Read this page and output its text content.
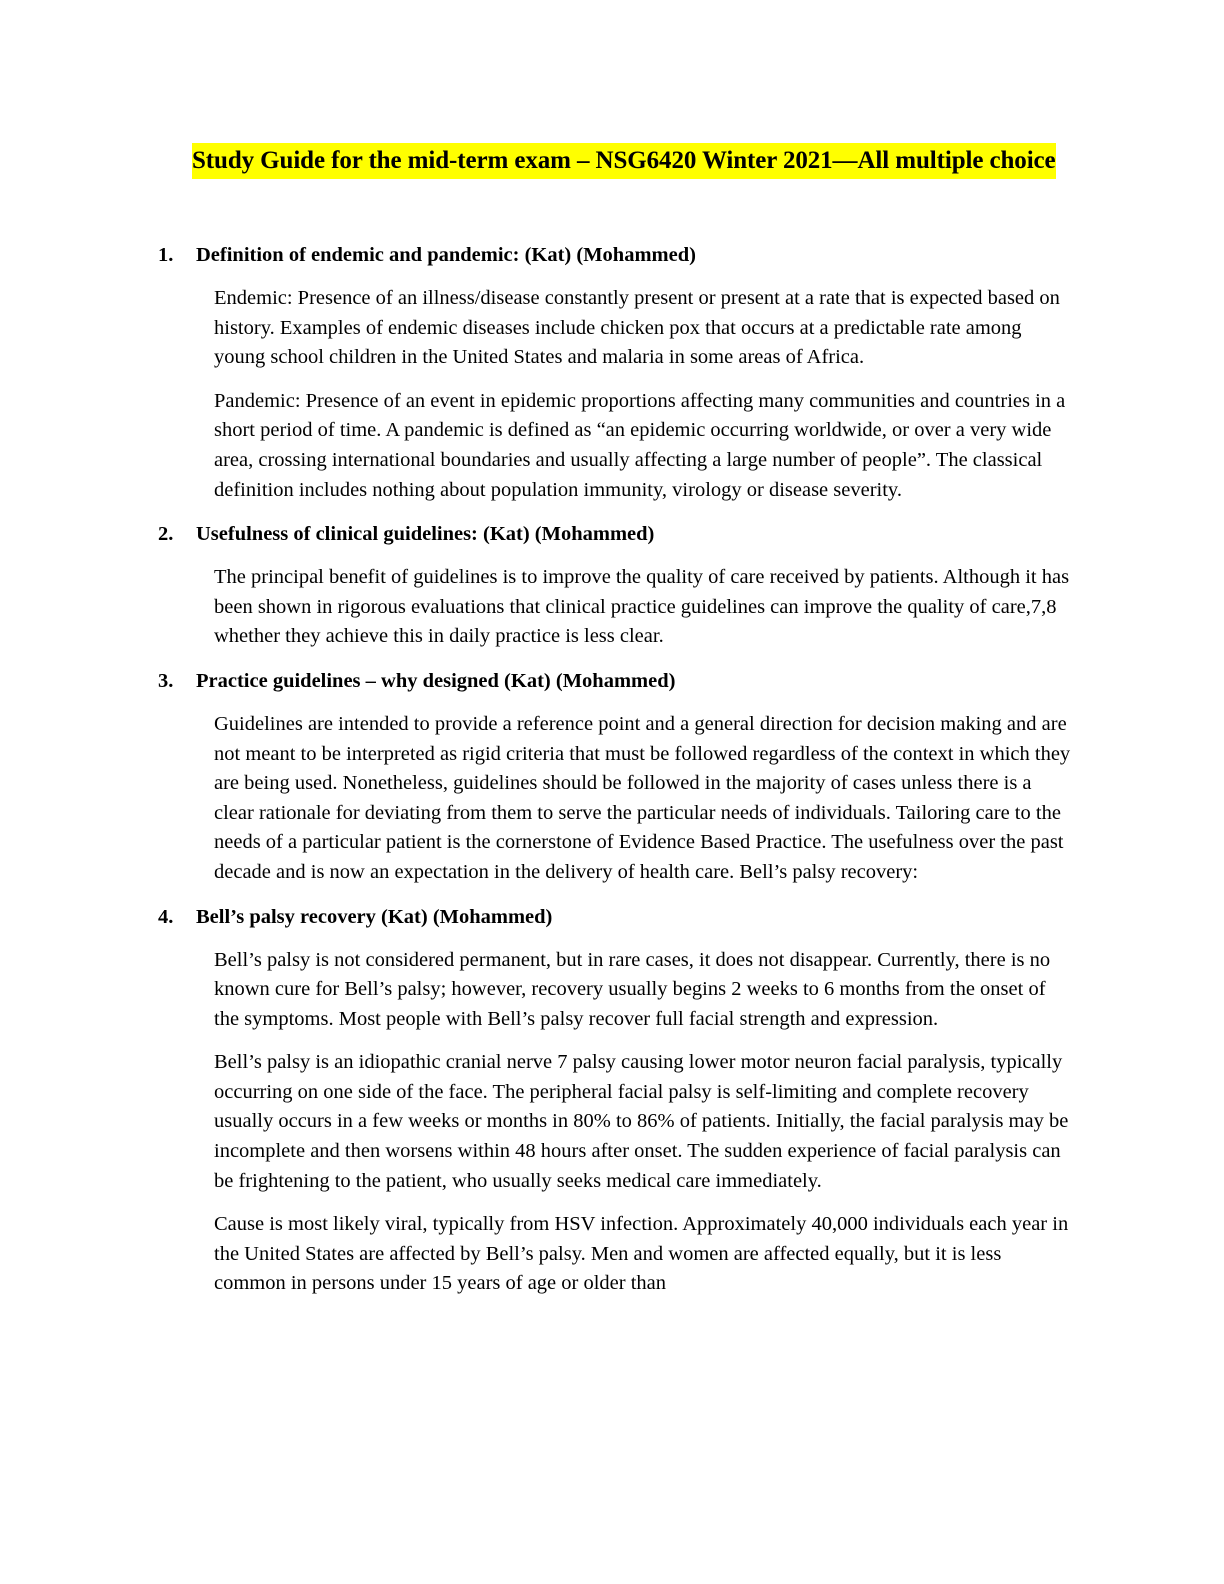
Study Guide for the mid-term exam – NSG6420 Winter 2021—All multiple choice
1. Definition of endemic and pandemic: (Kat) (Mohammed)

Endemic: Presence of an illness/disease constantly present or present at a rate that is expected based on history. Examples of endemic diseases include chicken pox that occurs at a predictable rate among young school children in the United States and malaria in some areas of Africa.

Pandemic: Presence of an event in epidemic proportions affecting many communities and countries in a short period of time. A pandemic is defined as “an epidemic occurring worldwide, or over a very wide area, crossing international boundaries and usually affecting a large number of people”. The classical definition includes nothing about population immunity, virology or disease severity.

2. Usefulness of clinical guidelines: (Kat) (Mohammed)

The principal benefit of guidelines is to improve the quality of care received by patients. Although it has been shown in rigorous evaluations that clinical practice guidelines can improve the quality of care,7,8 whether they achieve this in daily practice is less clear.

3. Practice guidelines – why designed (Kat) (Mohammed)

Guidelines are intended to provide a reference point and a general direction for decision making and are not meant to be interpreted as rigid criteria that must be followed regardless of the context in which they are being used. Nonetheless, guidelines should be followed in the majority of cases unless there is a clear rationale for deviating from them to serve the particular needs of individuals. Tailoring care to the needs of a particular patient is the cornerstone of Evidence Based Practice. The usefulness over the past decade and is now an expectation in the delivery of health care. Bell’s palsy recovery:

4. Bell’s palsy recovery (Kat) (Mohammed)

Bell’s palsy is not considered permanent, but in rare cases, it does not disappear. Currently, there is no known cure for Bell’s palsy; however, recovery usually begins 2 weeks to 6 months from the onset of the symptoms. Most people with Bell’s palsy recover full facial strength and expression.

Bell’s palsy is an idiopathic cranial nerve 7 palsy causing lower motor neuron facial paralysis, typically occurring on one side of the face. The peripheral facial palsy is self-limiting and complete recovery usually occurs in a few weeks or months in 80% to 86% of patients. Initially, the facial paralysis may be incomplete and then worsens within 48 hours after onset. The sudden experience of facial paralysis can be frightening to the patient, who usually seeks medical care immediately.

Cause is most likely viral, typically from HSV infection. Approximately 40,000 individuals each year in the United States are affected by Bell’s palsy. Men and women are affected equally, but it is less common in persons under 15 years of age or older than
